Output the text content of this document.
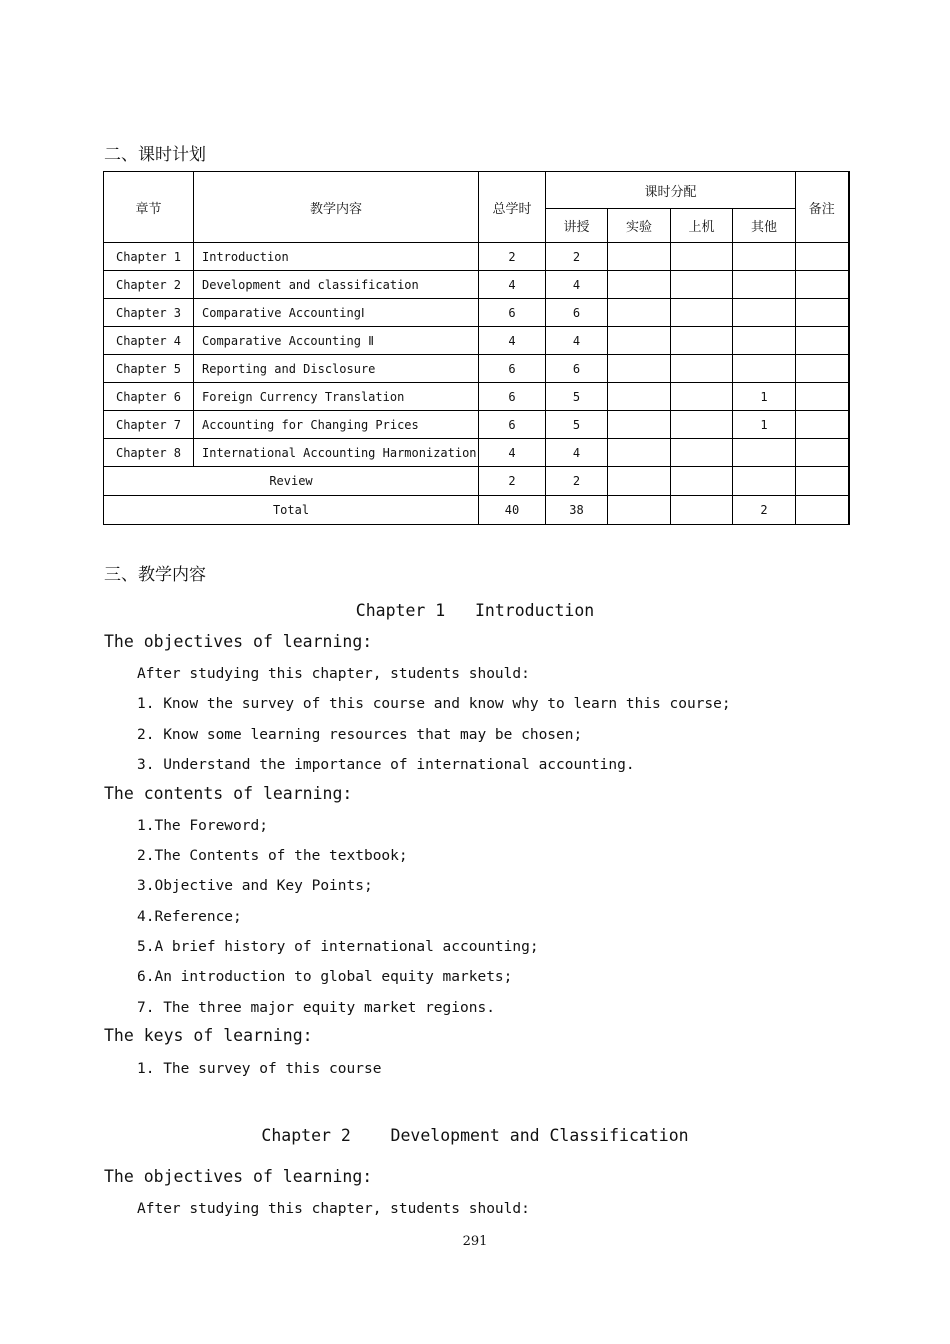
二、课时计划
章节	教学内容	总学时	课时分配				备注
			讲授	实验	上机	其他	
Chapter 1	Introduction	2	2				
Chapter 2	Development and classification	4	4				
Chapter 3	Comparative AccountingⅠ	6	6				
Chapter 4	Comparative Accounting Ⅱ	4	4				
Chapter 5	Reporting and Disclosure	6	6				
Chapter 6	Foreign Currency Translation	6	5			1	
Chapter 7	Accounting for Changing Prices	6	5			1	
Chapter 8	International Accounting Harmonization	4	4				
Review		2	2				
Total		40	38			2	
三、教学内容
Chapter 1   Introduction
The objectives of learning:
After studying this chapter, students should:
1. Know the survey of this course and know why to learn this course;
2. Know some learning resources that may be chosen;
3. Understand the importance of international accounting.
The contents of learning:
1.The Foreword;
2.The Contents of the textbook;
3.Objective and Key Points;
4.Reference;
5.A brief history of international accounting;
6.An introduction to global equity markets;
7. The three major equity market regions.
The keys of learning:
1. The survey of this course
Chapter 2    Development and Classification
The objectives of learning:
After studying this chapter, students should:
291
